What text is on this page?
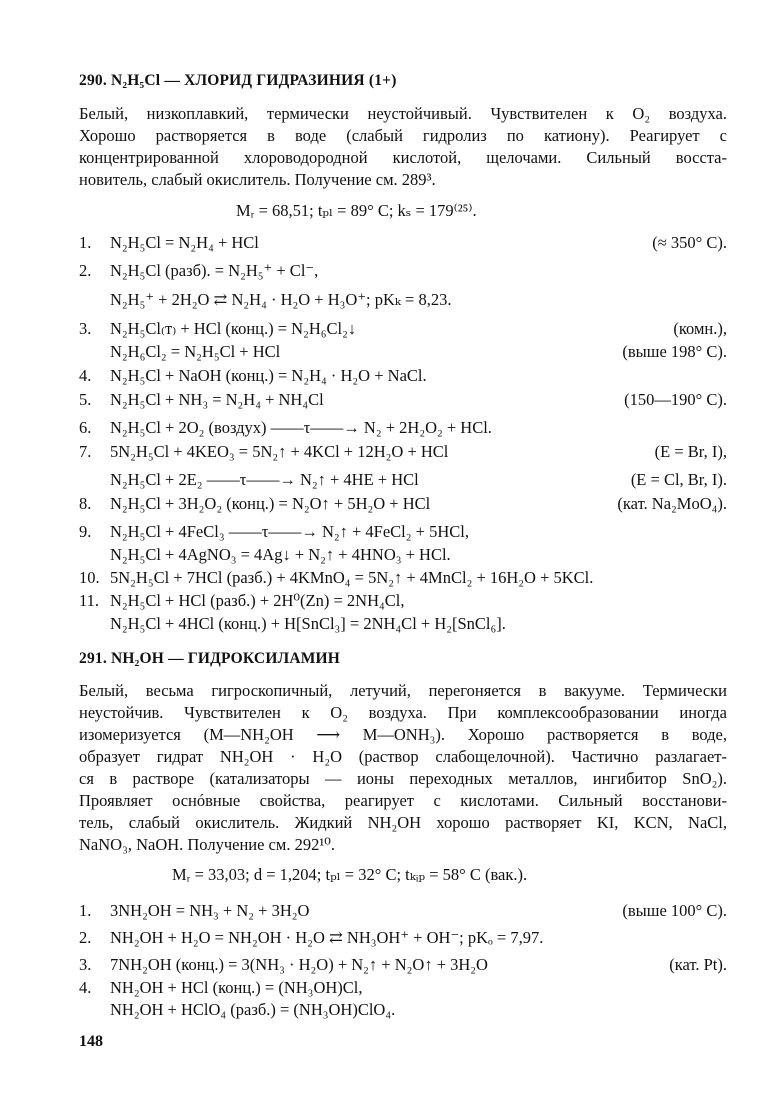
290. N₂H₅Cl — ХЛОРИД ГИДРАЗИНИЯ (1+)
Белый, низкоплавкий, термически неустойчивый. Чувствителен к O₂ воздуха.
Хорошо растворяется в воде (слабый гидролиз по катиону). Реагирует с
концентрированной хлороводородной кислотой, щелочами. Сильный восста-
новитель, слабый окислитель. Получение см. 289³.
Mᵣ = 68,51; tₚₗ = 89° C; kₛ = 179⁽²⁵⁾.
1. N₂H₅Cl = N₂H₄ + HCl	(≈ 350° C).
2. N₂H₅Cl (разб). = N₂H₅⁺ + Cl⁻,
N₂H₅⁺ + 2H₂O ⇄ N₂H₄ · H₂O + H₃O⁺; pKₖ = 8,23.
3. N₂H₅Cl₍т₎ + HCl (конц.) = N₂H₆Cl₂↓	(комн.),
N₂H₆Cl₂ = N₂H₅Cl + HCl	(выше 198° C).
4. N₂H₅Cl + NaOH (конц.) = N₂H₄ · H₂O + NaCl.
5. N₂H₅Cl + NH₃ = N₂H₄ + NH₄Cl	(150—190° C).
6. N₂H₅Cl + 2O₂ (воздух) ——τ——→ N₂ + 2H₂O₂ + HCl.
7. 5N₂H₅Cl + 4KEO₃ = 5N₂↑ + 4KCl + 12H₂O + HCl	(E = Br, I),
N₂H₅Cl + 2E₂ ——τ——→ N₂↑ + 4HE + HCl	(E = Cl, Br, I).
8. N₂H₅Cl + 3H₂O₂ (конц.) = N₂O↑ + 5H₂O + HCl	(кат. Na₂MoO₄).
9. N₂H₅Cl + 4FeCl₃ ——τ——→ N₂↑ + 4FeCl₂ + 5HCl,
N₂H₅Cl + 4AgNO₃ = 4Ag↓ + N₂↑ + 4HNO₃ + HCl.
10. 5N₂H₅Cl + 7HCl (разб.) + 4KMnO₄ = 5N₂↑ + 4MnCl₂ + 16H₂O + 5KCl.
11. N₂H₅Cl + HCl (разб.) + 2H⁰(Zn) = 2NH₄Cl,
N₂H₅Cl + 4HCl (конц.) + H[SnCl₃] = 2NH₄Cl + H₂[SnCl₆].
291. NH₂OH — ГИДРОКСИЛАМИН
Белый, весьма гигроскопичный, летучий, перегоняется в вакууме. Термически
неустойчив. Чувствителен к O₂ воздуха. При комплексообразовании иногда
изомеризуется (M—NH₂OH ⟶ M—ONH₃). Хорошо растворяется в воде,
образует гидрат NH₂OH · H₂O (раствор слабощелочной). Частично разлагает-
ся в растворе (катализаторы — ионы переходных металлов, ингибитор SnO₂).
Проявляет оснóвные свойства, реагирует с кислотами. Сильный восстанови-
тель, слабый окислитель. Жидкий NH₂OH хорошо растворяет KI, KCN, NaCl,
NaNO₃, NaOH. Получение см. 292¹⁰.
Mᵣ = 33,03; d = 1,204; tₚₗ = 32° C; tₖᵢₚ = 58° C (вак.).
1. 3NH₂OH = NH₃ + N₂ + 3H₂O	(выше 100° C).
2. NH₂OH + H₂O = NH₂OH · H₂O ⇄ NH₃OH⁺ + OH⁻; pKₒ = 7,97.
3. 7NH₂OH (конц.) = 3(NH₃ · H₂O) + N₂↑ + N₂O↑ + 3H₂O	(кат. Pt).
4. NH₂OH + HCl (конц.) = (NH₃OH)Cl,
NH₂OH + HClO₄ (разб.) = (NH₃OH)ClO₄.
148
